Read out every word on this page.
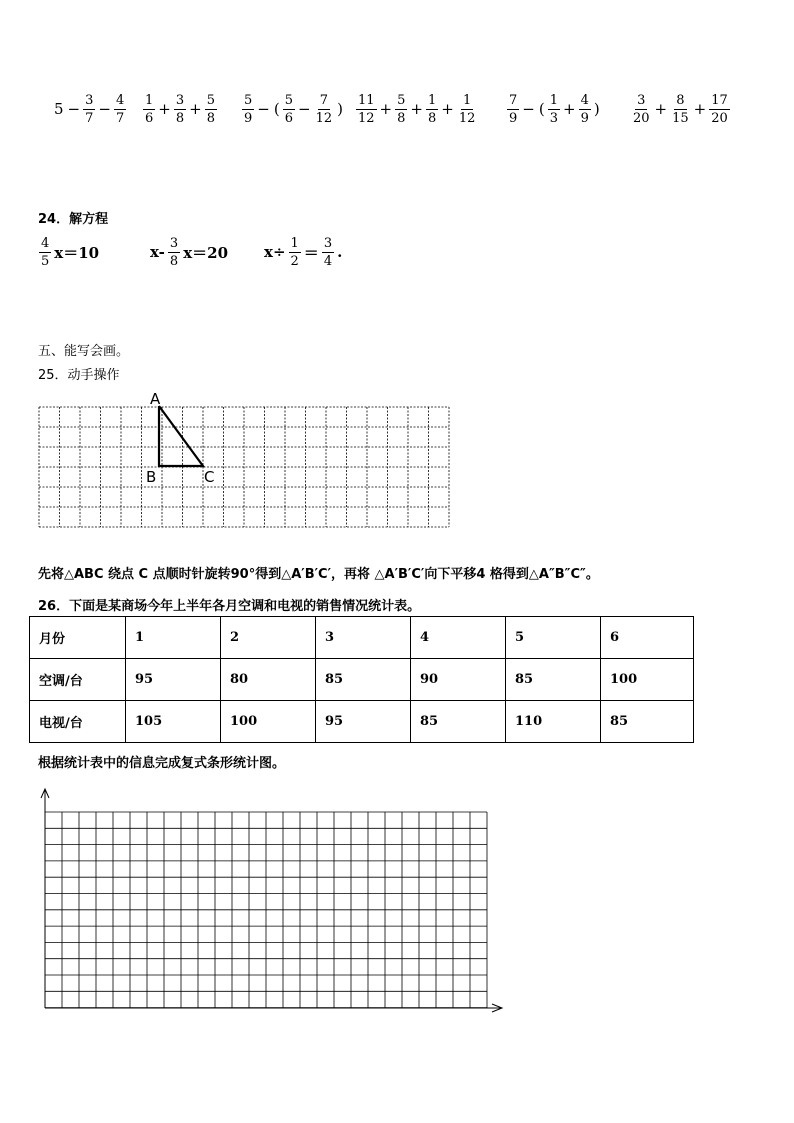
$5 - \frac{3}{7} - \frac{4}{7} \frac{1}{6} + \frac{3}{8} + \frac{5}{8} \frac{5}{9}$ − ( $\frac{5}{6} - \frac{7}{12}$ ) $\frac{11}{12} + \frac{5}{8} + \frac{1}{8} + \frac{1}{12} \frac{7}{9}$ − ( $\frac{1}{3} + \frac{4}{9}$ ) $\frac{3}{20} + \frac{8}{15} + \frac{17}{20}$
24．解方程
$\frac{4}{5} x=10$	$x- \frac{3}{8} x=20$ $x\div \frac{1}{2} = \frac{3}{4}$ .
五、能写会画。
25．动手操作
A
B	C
先将△ABC 绕点 C 点顺时针旋转90°得到△A′B′C′，再将 △A′B′C′向下平移4 格得到△A″B″C″。
26．下面是某商场今年上半年各月空调和电视的销售情况统计表。
月份	1	2	3	4	5	6
空调/台	95	80	85	90	85	100
电视/台	105	100	95	85	110	85
根据统计表中的信息完成复式条形统计图。
